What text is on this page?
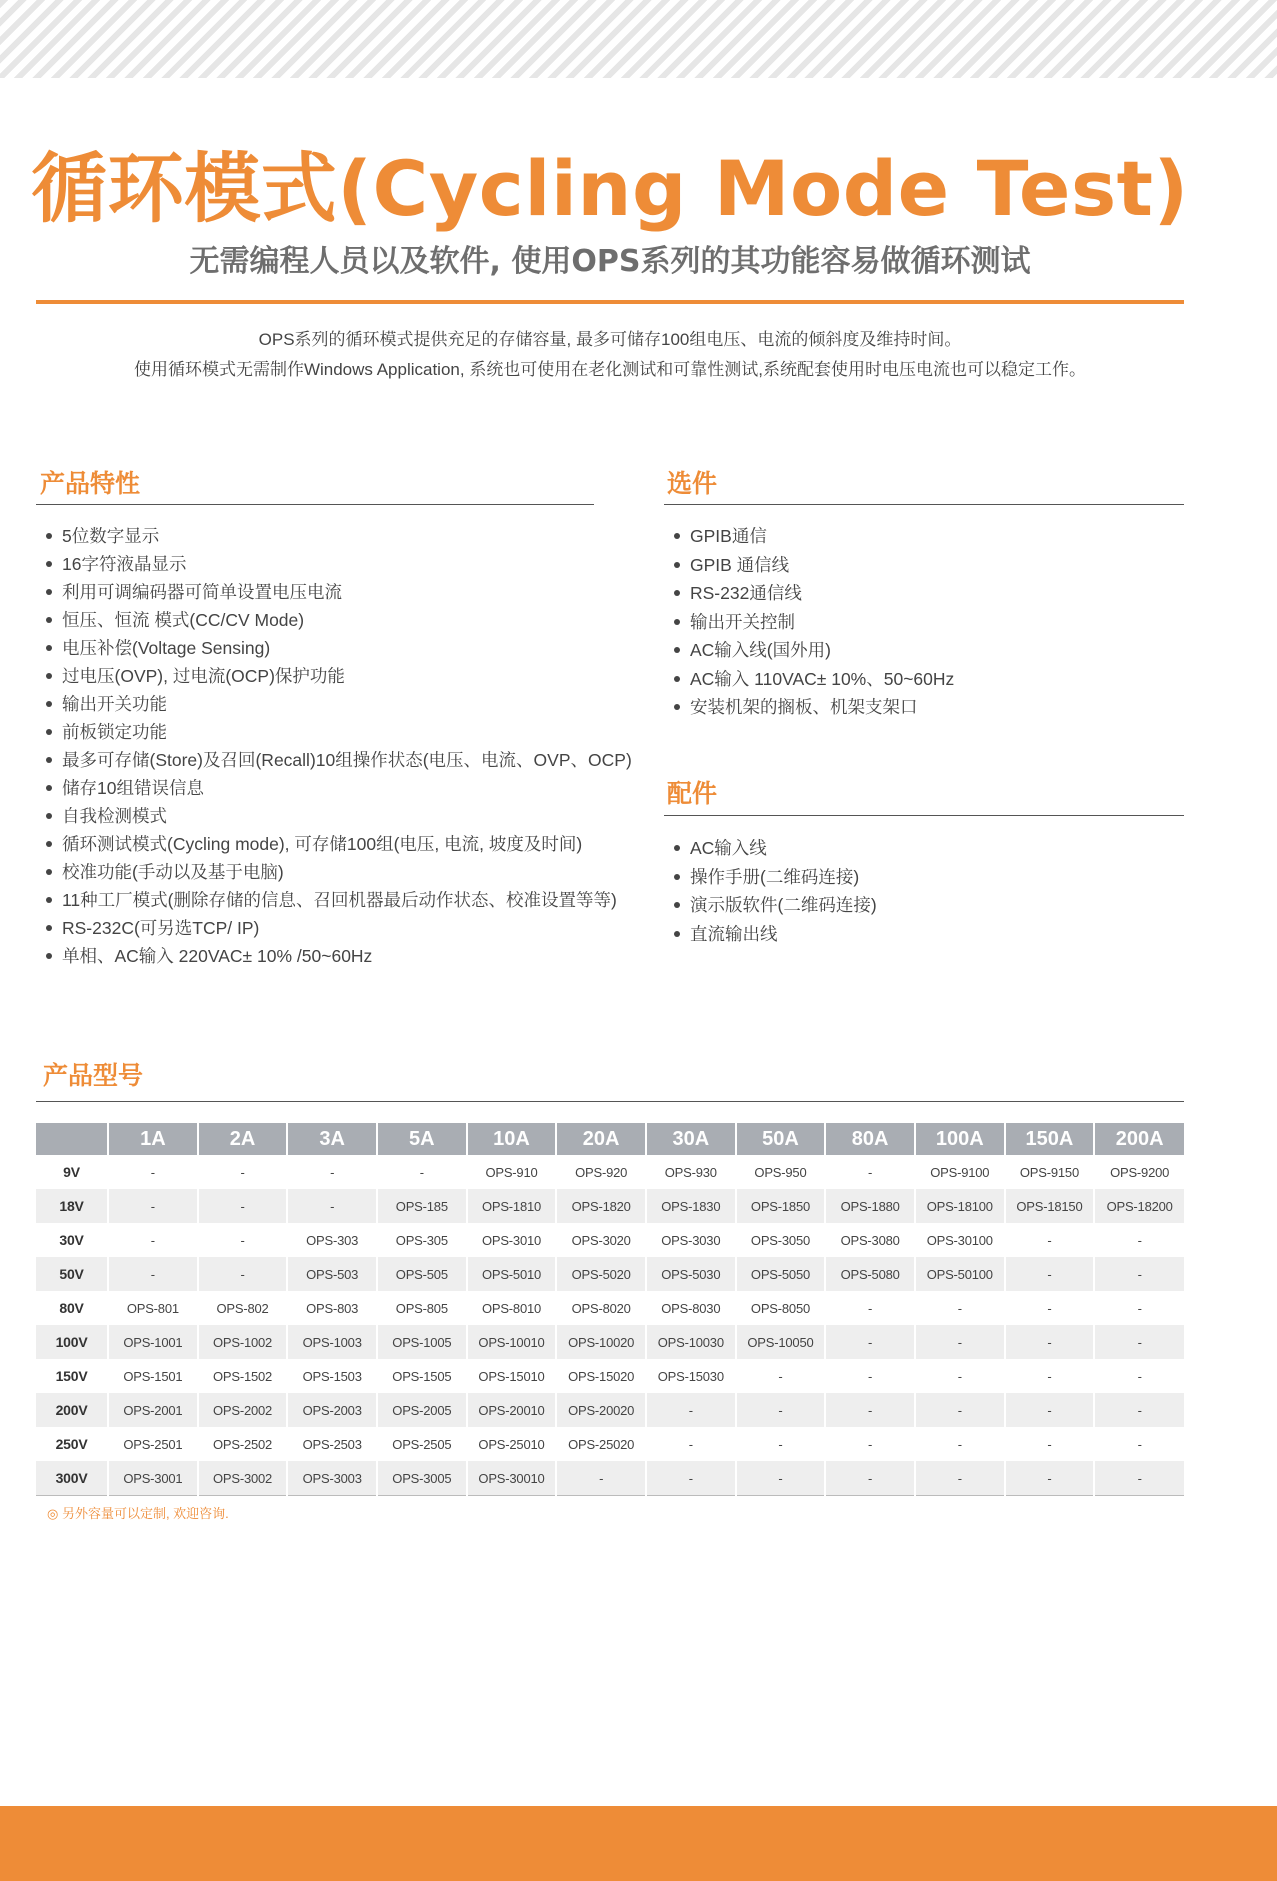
循环模式(Cycling Mode Test)
无需编程人员以及软件, 使用OPS系列的其功能容易做循环测试

OPS系列的循环模式提供充足的存储容量, 最多可储存100组电压、电流的倾斜度及维持时间。

使用循环模式无需制作Windows Application, 系统也可使用在老化测试和可靠性测试,系统配套使用时电压电流也可以稳定工作。

产品特性
5位数字显示
16字符液晶显示
利用可调编码器可简单设置电压电流
恒压、恒流 模式(CC/CV Mode)
电压补偿(Voltage Sensing)
过电压(OVP), 过电流(OCP)保护功能
输出开关功能
前板锁定功能
最多可存储(Store)及召回(Recall)10组操作状态(电压、电流、OVP、OCP)
储存10组错误信息
自我检测模式
循环测试模式(Cycling mode), 可存储100组(电压, 电流, 坡度及时间)
校准功能(手动以及基于电脑)
11种工厂模式(删除存储的信息、召回机器最后动作状态、校准设置等等)
RS-232C(可另选TCP/ IP)
单相、AC输入 220VAC± 10% /50~60Hz
选件
GPIB通信
GPIB 通信线
RS-232通信线
输出开关控制
AC输入线(国外用)
AC输入 110VAC± 10%、50~60Hz
安装机架的搁板、机架支架口
配件
AC输入线
操作手册(二维码连接)
演示版软件(二维码连接)
直流输出线
产品型号
	1A	2A	3A	5A	10A	20A	30A	50A	80A	100A	150A	200A
9V	-	-	-	-	OPS-910	OPS-920	OPS-930	OPS-950	-	OPS-9100	OPS-9150	OPS-9200
18V	-	-	-	OPS-185	OPS-1810	OPS-1820	OPS-1830	OPS-1850	OPS-1880	OPS-18100	OPS-18150	OPS-18200
30V	-	-	OPS-303	OPS-305	OPS-3010	OPS-3020	OPS-3030	OPS-3050	OPS-3080	OPS-30100	-	-
50V	-	-	OPS-503	OPS-505	OPS-5010	OPS-5020	OPS-5030	OPS-5050	OPS-5080	OPS-50100	-	-
80V	OPS-801	OPS-802	OPS-803	OPS-805	OPS-8010	OPS-8020	OPS-8030	OPS-8050	-	-	-	-
100V	OPS-1001	OPS-1002	OPS-1003	OPS-1005	OPS-10010	OPS-10020	OPS-10030	OPS-10050	-	-	-	-
150V	OPS-1501	OPS-1502	OPS-1503	OPS-1505	OPS-15010	OPS-15020	OPS-15030	-	-	-	-	-
200V	OPS-2001	OPS-2002	OPS-2003	OPS-2005	OPS-20010	OPS-20020	-	-	-	-	-	-
250V	OPS-2501	OPS-2502	OPS-2503	OPS-2505	OPS-25010	OPS-25020	-	-	-	-	-	-
300V	OPS-3001	OPS-3002	OPS-3003	OPS-3005	OPS-30010	-	-	-	-	-	-	-
◎ 另外容量可以定制, 欢迎咨询.
